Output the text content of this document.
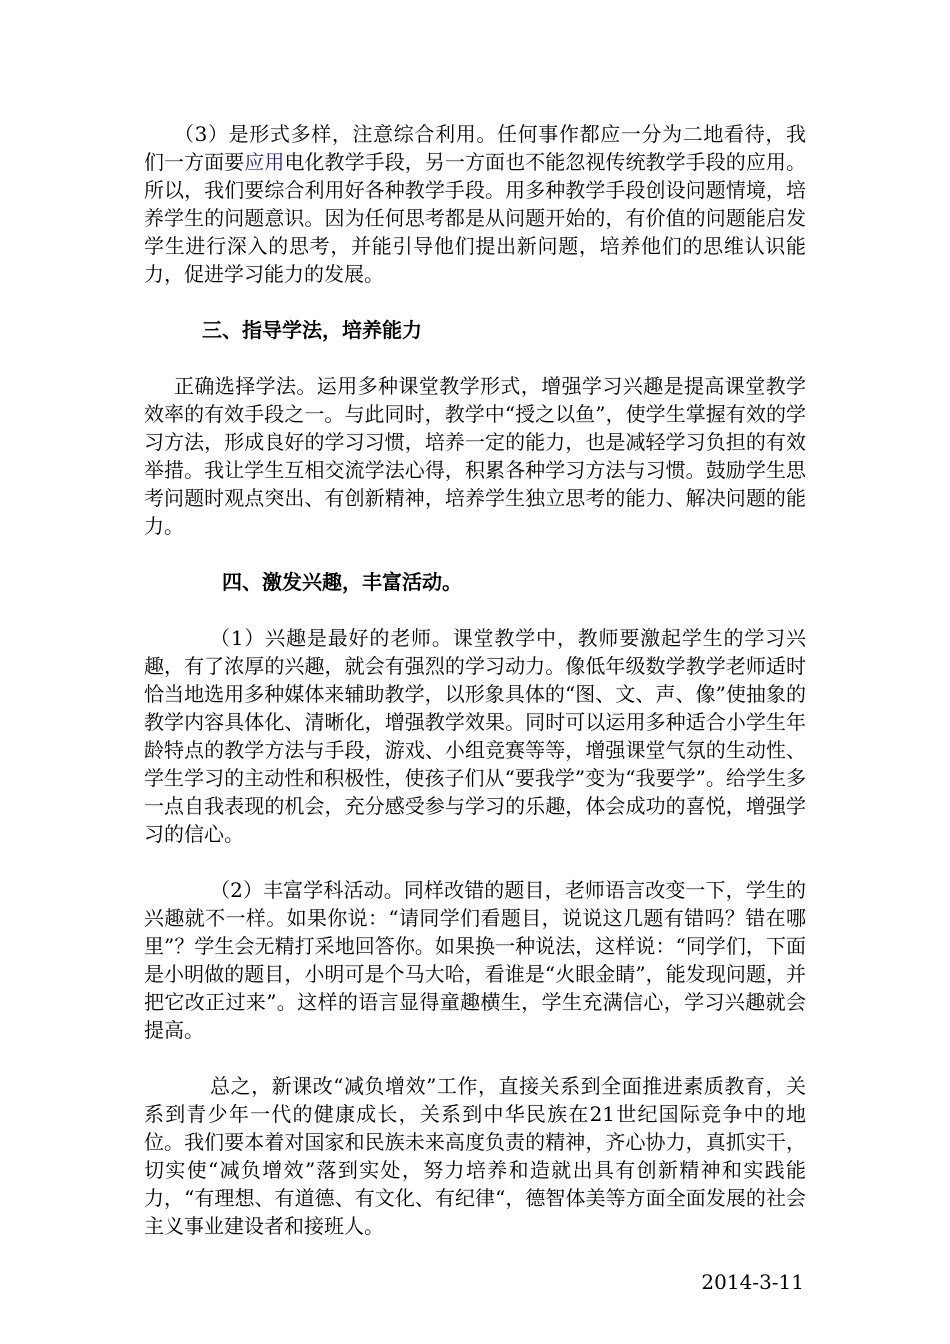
（3）是形式多样，注意综合利用。任何事作都应一分为二地看待，我们一方面要应用电化教学手段，另一方面也不能忽视传统教学手段的应用。所以，我们要综合利用好各种教学手段。用多种教学手段创设问题情境，培养学生的问题意识。因为任何思考都是从问题开始的，有价值的问题能启发学生进行深入的思考，并能引导他们提出新问题，培养他们的思维认识能力，促进学习能力的发展。

三、指导学法，培养能力

正确选择学法。运用多种课堂教学形式，增强学习兴趣是提高课堂教学效率的有效手段之一。与此同时，教学中“授之以鱼”，使学生掌握有效的学习方法，形成良好的学习习惯，培养一定的能力，也是减轻学习负担的有效举措。我让学生互相交流学法心得，积累各种学习方法与习惯。鼓励学生思考问题时观点突出、有创新精神，培养学生独立思考的能力、解决问题的能力。

四、激发兴趣，丰富活动。

（1）兴趣是最好的老师。课堂教学中，教师要激起学生的学习兴趣，有了浓厚的兴趣，就会有强烈的学习动力。像低年级数学教学老师适时恰当地选用多种媒体来辅助教学，以形象具体的“图、文、声、像”使抽象的教学内容具体化、清晰化，增强教学效果。同时可以运用多种适合小学生年龄特点的教学方法与手段，游戏、小组竞赛等等，增强课堂气氛的生动性、学生学习的主动性和积极性，使孩子们从“要我学”变为“我要学”。给学生多一点自我表现的机会，充分感受参与学习的乐趣，体会成功的喜悦，增强学习的信心。

（2）丰富学科活动。同样改错的题目，老师语言改变一下，学生的兴趣就不一样。如果你说：“请同学们看题目，说说这几题有错吗？错在哪里”？学生会无精打采地回答你。如果换一种说法，这样说：“同学们，下面是小明做的题目，小明可是个马大哈，看谁是“火眼金睛”，能发现问题，并把它改正过来”。这样的语言显得童趣横生，学生充满信心，学习兴趣就会提高。

总之，新课改“减负增效”工作，直接关系到全面推进素质教育，关系到青少年一代的健康成长，关系到中华民族在21世纪国际竞争中的地位。我们要本着对国家和民族未来高度负责的精神，齐心协力，真抓实干，切实使“减负增效”落到实处，努力培养和造就出具有创新精神和实践能力，“有理想、有道德、有文化、有纪律“，德智体美等方面全面发展的社会主义事业建设者和接班人。

2014-3-11
